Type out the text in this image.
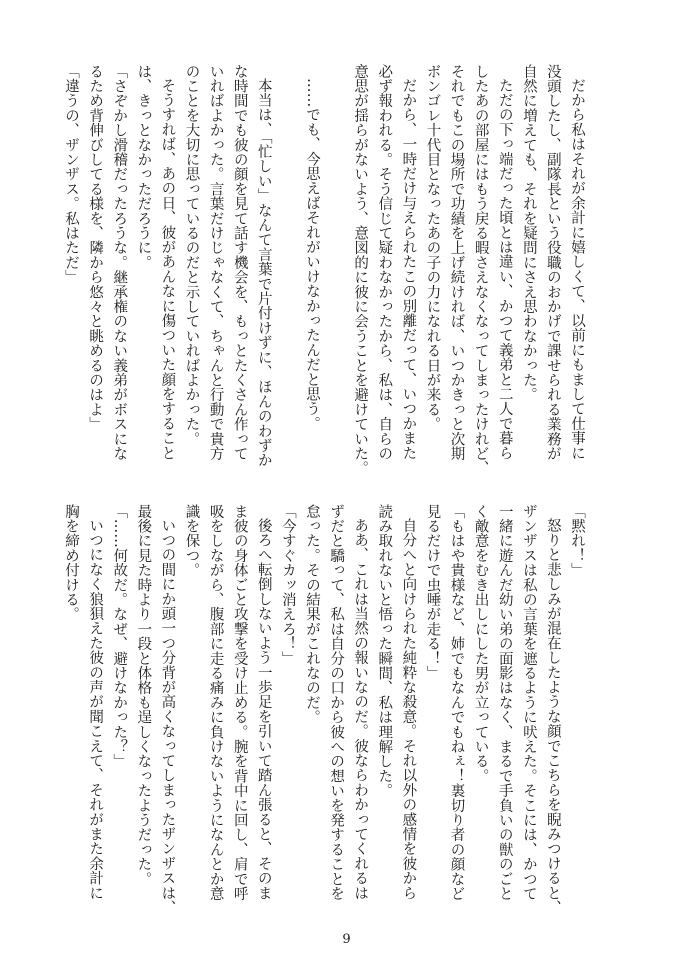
だから私はそれが余計に嬉しくて、以前にもまして仕事に
没頭したし、副隊長という役職のおかげで課せられる業務が
自然に増えても、それを疑問にさえ思わなかった。
ただの下っ端だった頃とは違い、かつて義弟と二人で暮ら
したあの部屋にはもう戻る暇さえなくなってしまったけれど、
それでもこの場所で功績を上げ続ければ、いつかきっと次期
ボンゴレ十代目となったあの子の力になれる日が来る。
だから、一時だけ与えられたこの別離だって、いつかまた
必ず報われる。そう信じて疑わなかったから、私は、自らの
意思が揺らがないよう、意図的に彼に会うことを避けていた。
……でも、今思えばそれがいけなかったんだと思う。
本当は、「忙しい」なんて言葉で片付けずに、ほんのわずか
な時間でも彼の顔を見て話す機会を、もっとたくさん作って
いればよかった。言葉だけじゃなくて、ちゃんと行動で貴方
のことを大切に思っているのだと示していればよかった。
そうすれば、あの日、彼があんなに傷ついた顔をすること
は、きっとなかっただろうに。
「さぞかし滑稽だったろうな。継承権のない義弟がボスにな
るため背伸びしてる様を、隣から悠々と眺めるのはよ」
「違うの、ザンザス。私はただ」
「黙れ！」
怒りと悲しみが混在したような顔でこちらを睨みつけると、
ザンザスは私の言葉を遮るように吠えた。そこには、かつて
一緒に遊んだ幼い弟の面影はなく、まるで手負いの獣のごと
く敵意をむき出しにした男が立っている。
「もはや貴様など、姉でもなんでもねぇ！裏切り者の顔など
見るだけで虫唾が走る！」
自分へと向けられた純粋な殺意。それ以外の感情を彼から
読み取れないと悟った瞬間、私は理解した。
ああ、これは当然の報いなのだ。彼ならわかってくれるは
ずだと驕って、私は自分の口から彼への想いを発することを
怠った。その結果がこれなのだ。
「今すぐカッ消えろ！」
後ろへ転倒しないよう一歩足を引いて踏ん張ると、そのま
ま彼の身体ごと攻撃を受け止める。腕を背中に回し、肩で呼
吸をしながら、腹部に走る痛みに負けないようになんとか意
識を保つ。
いつの間にか頭一つ分背が高くなってしまったザンザスは、
最後に見た時より一段と体格も逞しくなったようだった。
「……何故だ。なぜ、避けなかった？」
いつになく狼狽えた彼の声が聞こえて、それがまた余計に
胸を締め付ける。
9
